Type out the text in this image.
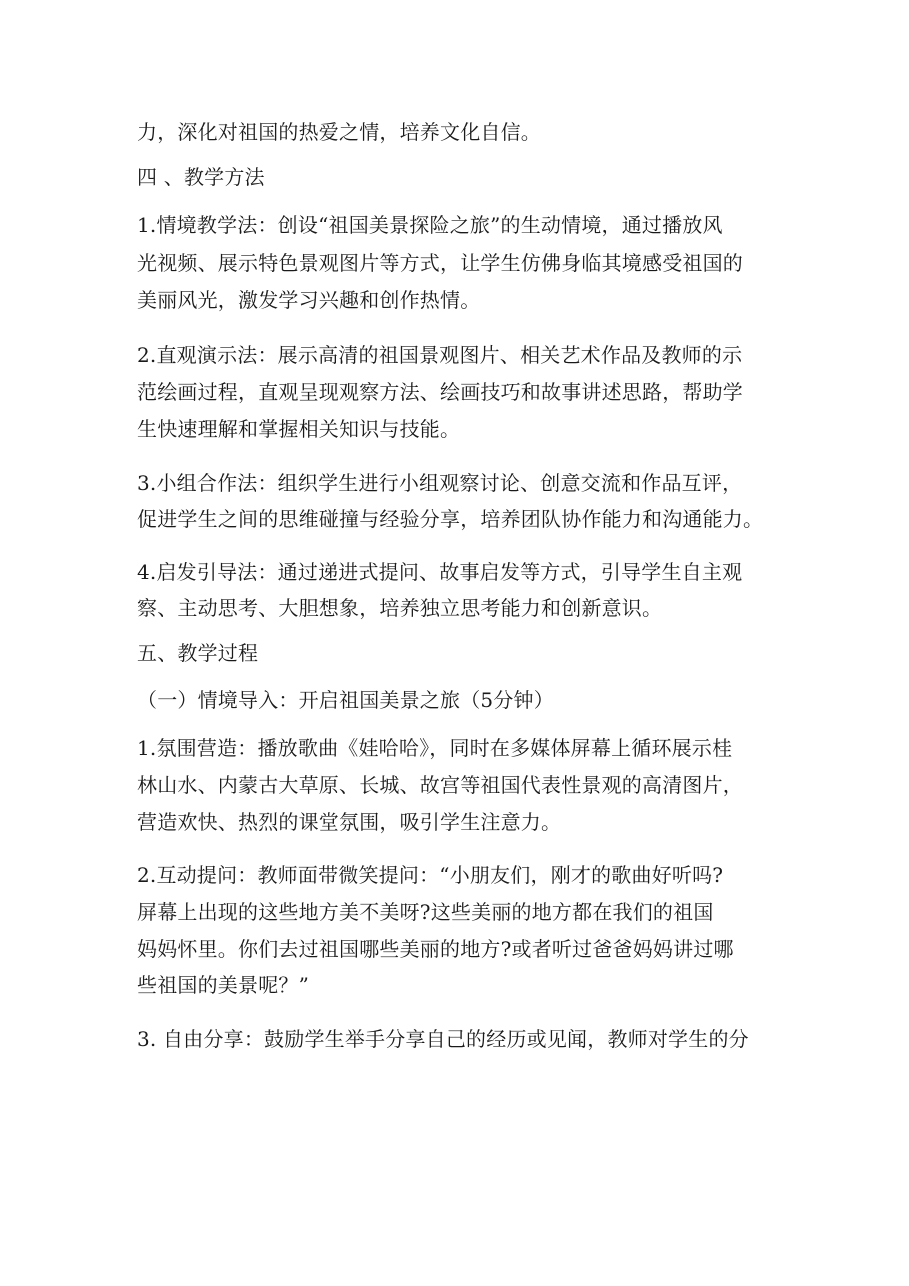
力，深化对祖国的热爱之情，培养文化自信。
四 、教学方法
1.情境教学法：创设“祖国美景探险之旅”的生动情境，通过播放风
光视频、展示特色景观图片等方式，让学生仿佛身临其境感受祖国的
美丽风光，激发学习兴趣和创作热情。
2.直观演示法：展示高清的祖国景观图片、相关艺术作品及教师的示
范绘画过程，直观呈现观察方法、绘画技巧和故事讲述思路，帮助学
生快速理解和掌握相关知识与技能。
3.小组合作法：组织学生进行小组观察讨论、创意交流和作品互评，
促进学生之间的思维碰撞与经验分享，培养团队协作能力和沟通能力。
4.启发引导法：通过递进式提问、故事启发等方式，引导学生自主观
察、主动思考、大胆想象，培养独立思考能力和创新意识。
五、教学过程
（一）情境导入：开启祖国美景之旅（5分钟）
1.氛围营造：播放歌曲《娃哈哈》，同时在多媒体屏幕上循环展示桂
林山水、内蒙古大草原、长城、故宫等祖国代表性景观的高清图片，
营造欢快、热烈的课堂氛围，吸引学生注意力。
2.互动提问：教师面带微笑提问：“小朋友们，刚才的歌曲好听吗?
屏幕上出现的这些地方美不美呀?这些美丽的地方都在我们的祖国
妈妈怀里。你们去过祖国哪些美丽的地方?或者听过爸爸妈妈讲过哪
些祖国的美景呢？”
3. 自由分享：鼓励学生举手分享自己的经历或见闻，教师对学生的分
